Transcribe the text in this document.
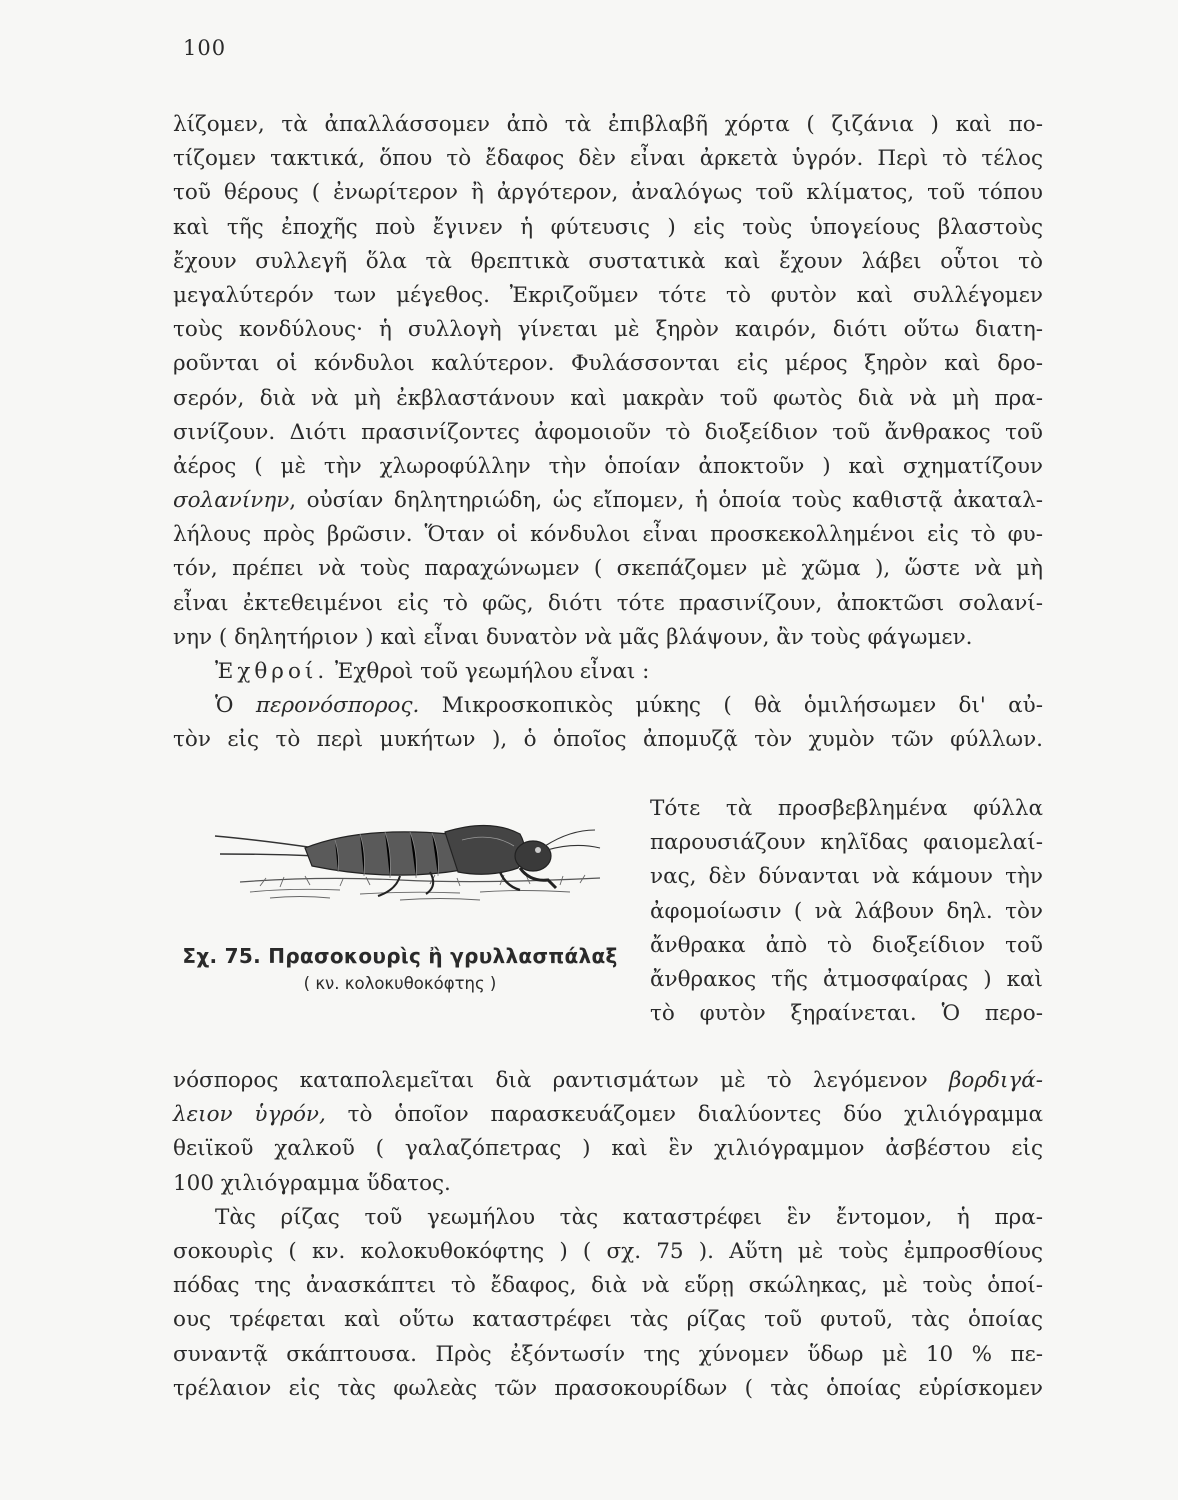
100
λίζομεν, τὰ ἀπαλλάσσομεν ἀπὸ τὰ ἐπιβλαβῆ χόρτα ( ζιζάνια ) καὶ πο-
τίζομεν τακτικά, ὅπου τὸ ἔδαφος δὲν εἶναι ἀρκετὰ ὑγρόν. Περὶ τὸ τέλος
τοῦ θέρους ( ἐνωρίτερον ἢ ἀργότερον, ἀναλόγως τοῦ κλίματος, τοῦ τόπου
καὶ τῆς ἐποχῆς ποὺ ἔγινεν ἡ φύτευσις ) εἰς τοὺς ὑπογείους βλαστοὺς
ἔχουν συλλεγῆ ὅλα τὰ θρεπτικὰ συστατικὰ καὶ ἔχουν λάβει οὗτοι τὸ
μεγαλύτερόν των μέγεθος. Ἐκριζοῦμεν τότε τὸ φυτὸν καὶ συλλέγομεν
τοὺς κονδύλους· ἡ συλλογὴ γίνεται μὲ ξηρὸν καιρόν, διότι οὕτω διατη-
ροῦνται οἱ κόνδυλοι καλύτερον. Φυλάσσονται εἰς μέρος ξηρὸν καὶ δρο-
σερόν, διὰ νὰ μὴ ἐκβλαστάνουν καὶ μακρὰν τοῦ φωτὸς διὰ νὰ μὴ πρα-
σινίζουν. Διότι πρασινίζοντες ἀφομοιοῦν τὸ διοξείδιον τοῦ ἄνθρακος τοῦ
ἀέρος ( μὲ τὴν χλωροφύλλην τὴν ὁποίαν ἀποκτοῦν ) καὶ σχηματίζουν
σολανίνην, οὐσίαν δηλητηριώδη, ὡς εἴπομεν, ἡ ὁποία τοὺς καθιστᾷ ἀκαταλ-
λήλους πρὸς βρῶσιν. Ὅταν οἱ κόνδυλοι εἶναι προσκεκολλημένοι εἰς τὸ φυ-
τόν, πρέπει νὰ τοὺς παραχώνωμεν ( σκεπάζομεν μὲ χῶμα ), ὥστε νὰ μὴ
εἶναι ἐκτεθειμένοι εἰς τὸ φῶς, διότι τότε πρασινίζουν, ἀποκτῶσι σολανί-
νην ( δηλητήριον ) καὶ εἶναι δυνατὸν νὰ μᾶς βλάψουν, ἂν τοὺς φάγωμεν.
Ἐχθροί. Ἐχθροὶ τοῦ γεωμήλου εἶναι :
Ὁ περονόσπορος. Μικροσκοπικὸς μύκης ( θὰ ὁμιλήσωμεν δι' αὐ-
τὸν εἰς τὸ περὶ μυκήτων ), ὁ ὁποῖος ἀπομυζᾷ τὸν χυμὸν τῶν φύλλων.
Σχ. 75. Πρασοκουρὶς ἢ γρυλλασπάλαξ
( κν. κολοκυθοκόφτης )
Τότε τὰ προσβεβλημένα φύλλα
παρουσιάζουν κηλῖδας φαιομελαί-
νας, δὲν δύνανται νὰ κάμουν τὴν
ἀφομοίωσιν ( νὰ λάβουν δηλ. τὸν
ἄνθρακα ἀπὸ τὸ διοξείδιον τοῦ
ἄνθρακος τῆς ἀτμοσφαίρας ) καὶ
τὸ φυτὸν ξηραίνεται. Ὁ περο-
νόσπορος καταπολεμεῖται διὰ ραντισμάτων μὲ τὸ λεγόμενον βορδιγά-
λειον ὑγρόν, τὸ ὁποῖον παρασκευάζομεν διαλύοντες δύο χιλιόγραμμα
θειϊκοῦ χαλκοῦ ( γαλαζόπετρας ) καὶ ἓν χιλιόγραμμον ἀσβέστου εἰς
100 χιλιόγραμμα ὕδατος.
Τὰς ρίζας τοῦ γεωμήλου τὰς καταστρέφει ἓν ἔντομον, ἡ πρα-
σοκουρὶς ( κν. κολοκυθοκόφτης ) ( σχ. 75 ). Αὕτη μὲ τοὺς ἐμπροσθίους
πόδας της ἀνασκάπτει τὸ ἔδαφος, διὰ νὰ εὕρῃ σκώληκας, μὲ τοὺς ὁποί-
ους τρέφεται καὶ οὕτω καταστρέφει τὰς ρίζας τοῦ φυτοῦ, τὰς ὁποίας
συναντᾷ σκάπτουσα. Πρὸς ἐξόντωσίν της χύνομεν ὕδωρ μὲ 10 % πε-
τρέλαιον εἰς τὰς φωλεὰς τῶν πρασοκουρίδων ( τὰς ὁποίας εὑρίσκομεν
